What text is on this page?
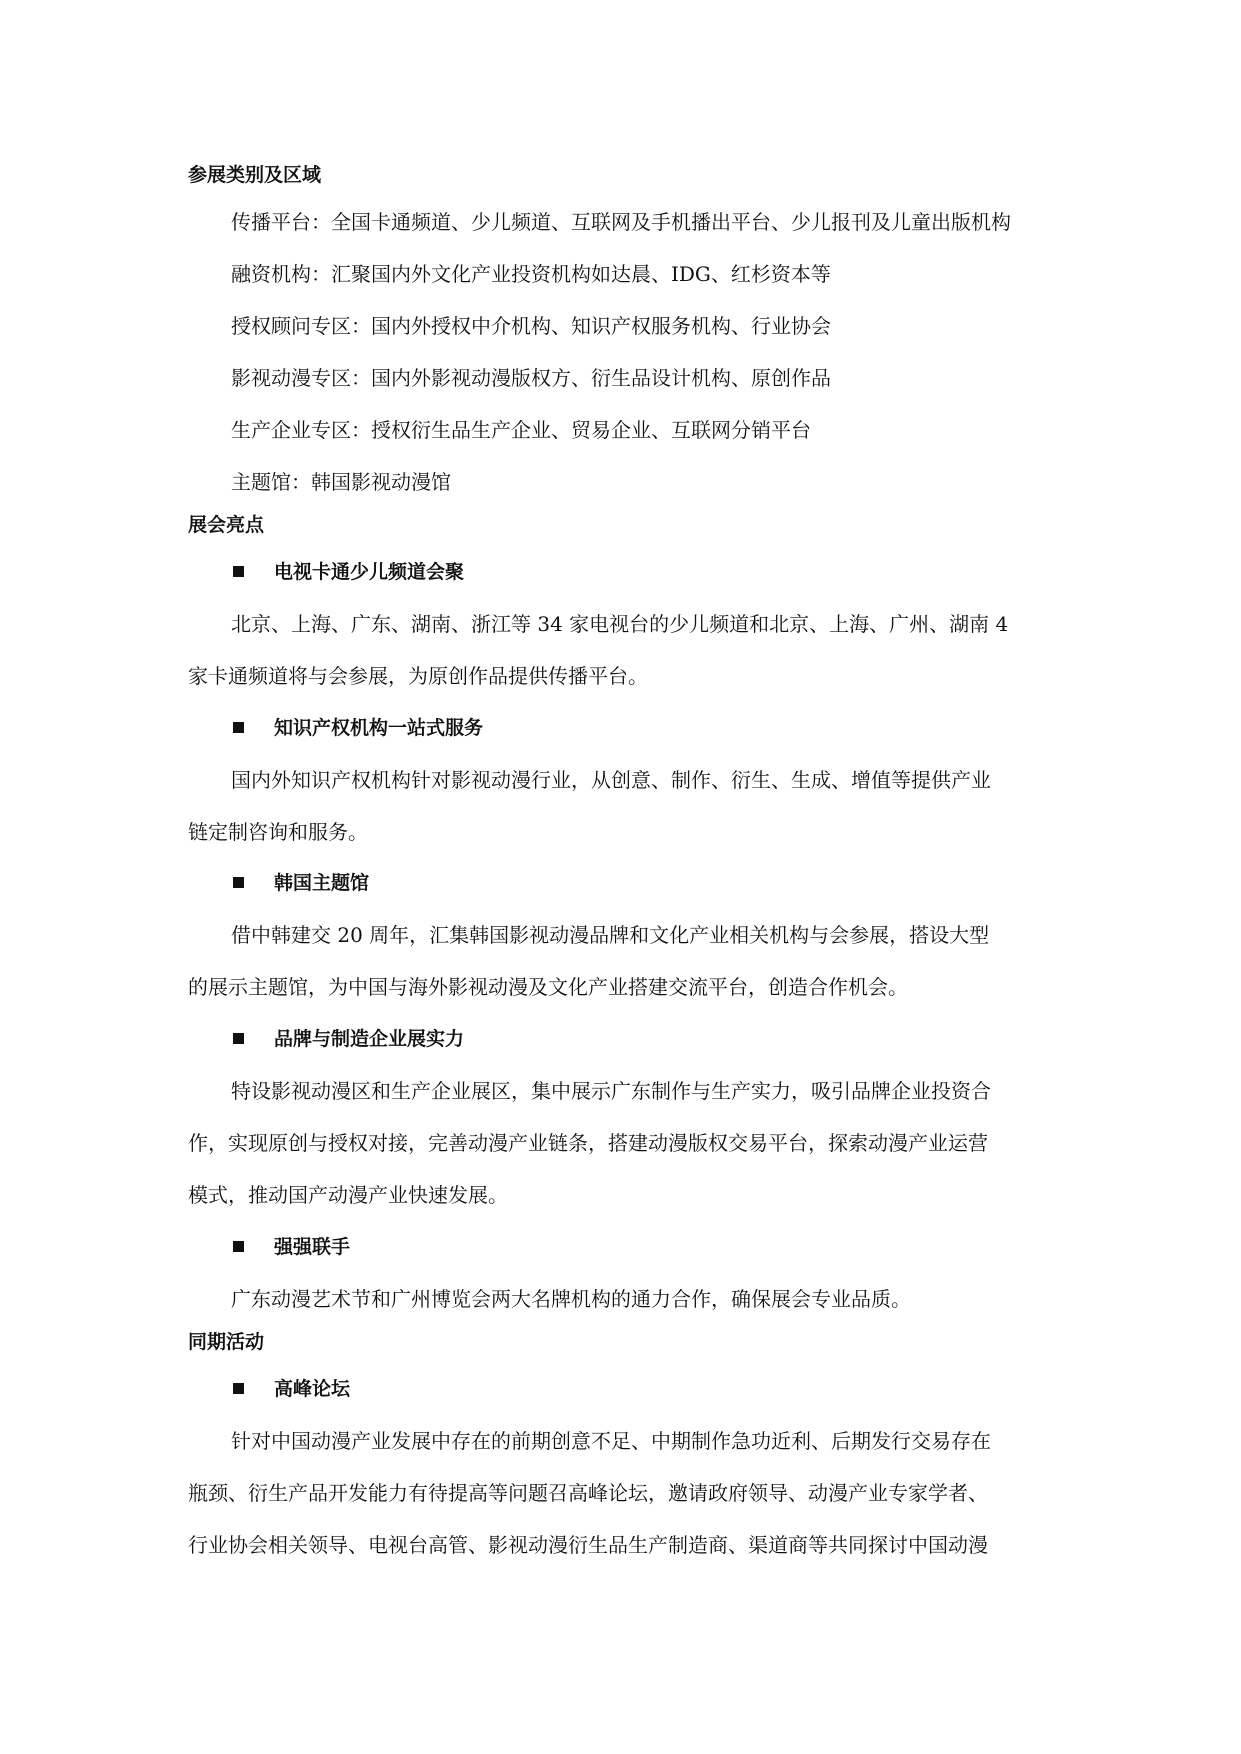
参展类别及区域
传播平台：全国卡通频道、少儿频道、互联网及手机播出平台、少儿报刊及儿童出版机构
融资机构：汇聚国内外文化产业投资机构如达晨、IDG、红杉资本等
授权顾问专区：国内外授权中介机构、知识产权服务机构、行业协会
影视动漫专区：国内外影视动漫版权方、衍生品设计机构、原创作品
生产企业专区：授权衍生品生产企业、贸易企业、互联网分销平台
主题馆：韩国影视动漫馆
展会亮点
电视卡通少儿频道会聚
北京、上海、广东、湖南、浙江等 34 家电视台的少儿频道和北京、上海、广州、湖南 4
家卡通频道将与会参展，为原创作品提供传播平台。
知识产权机构一站式服务
国内外知识产权机构针对影视动漫行业，从创意、制作、衍生、生成、增值等提供产业
链定制咨询和服务。
韩国主题馆
借中韩建交 20 周年，汇集韩国影视动漫品牌和文化产业相关机构与会参展，搭设大型
的展示主题馆，为中国与海外影视动漫及文化产业搭建交流平台，创造合作机会。
品牌与制造企业展实力
特设影视动漫区和生产企业展区，集中展示广东制作与生产实力，吸引品牌企业投资合
作，实现原创与授权对接，完善动漫产业链条，搭建动漫版权交易平台，探索动漫产业运营
模式，推动国产动漫产业快速发展。
强强联手
广东动漫艺术节和广州博览会两大名牌机构的通力合作，确保展会专业品质。
同期活动
高峰论坛
针对中国动漫产业发展中存在的前期创意不足、中期制作急功近利、后期发行交易存在
瓶颈、衍生产品开发能力有待提高等问题召高峰论坛，邀请政府领导、动漫产业专家学者、
行业协会相关领导、电视台高管、影视动漫衍生品生产制造商、渠道商等共同探讨中国动漫
